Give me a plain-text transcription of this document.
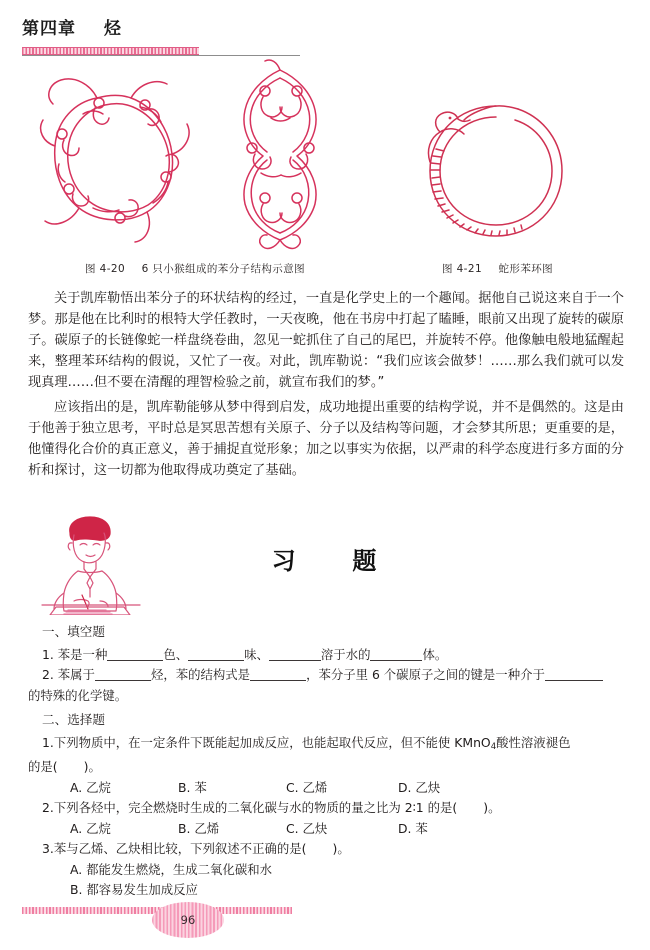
第四章 烃
图 4-20 6 只小猴组成的苯分子结构示意图	图 4-21 蛇形苯环图

关于凯库勒悟出苯分子的环状结构的经过，一直是化学史上的一个趣闻。据他自己说这来自于一个梦。那是他在比利时的根特大学任教时，一天夜晚，他在书房中打起了瞌睡，眼前又出现了旋转的碳原子。碳原子的长链像蛇一样盘绕卷曲，忽见一蛇抓住了自己的尾巴，并旋转不停。他像触电般地猛醒起来，整理苯环结构的假说，又忙了一夜。对此，凯库勒说：“我们应该会做梦！……那么我们就可以发现真理……但不要在清醒的理智检验之前，就宣布我们的梦。”

应该指出的是，凯库勒能够从梦中得到启发，成功地提出重要的结构学说，并不是偶然的。这是由于他善于独立思考，平时总是冥思苦想有关原子、分子以及结构等问题，才会梦其所思；更重要的是，他懂得化合价的真正意义，善于捕捉直觉形象；加之以事实为依据，以严肃的科学态度进行多方面的分析和探讨，这一切都为他取得成功奠定了基础。

习 题

一、填空题

1. 苯是一种	色、	味、	溶于水的	体。

2. 苯属于	烃，苯的结构式是	，苯分子里 6 个碳原子之间的键是一种介于

的特殊的化学键。

二、选择题

1.下列物质中，在一定条件下既能起加成反应，也能起取代反应，但不能使 KMnO$_4$酸性溶液褪色

的是( )。

A. 乙烷	B. 苯	C. 乙烯	D. 乙炔

2.下列各烃中，完全燃烧时生成的二氧化碳与水的物质的量之比为 2∶1 的是( )。

A. 乙烷	B. 乙烯	C. 乙炔	D. 苯

3.苯与乙烯、乙炔相比较，下列叙述不正确的是( )。

A. 都能发生燃烧，生成二氧化碳和水

B. 都容易发生加成反应

96
